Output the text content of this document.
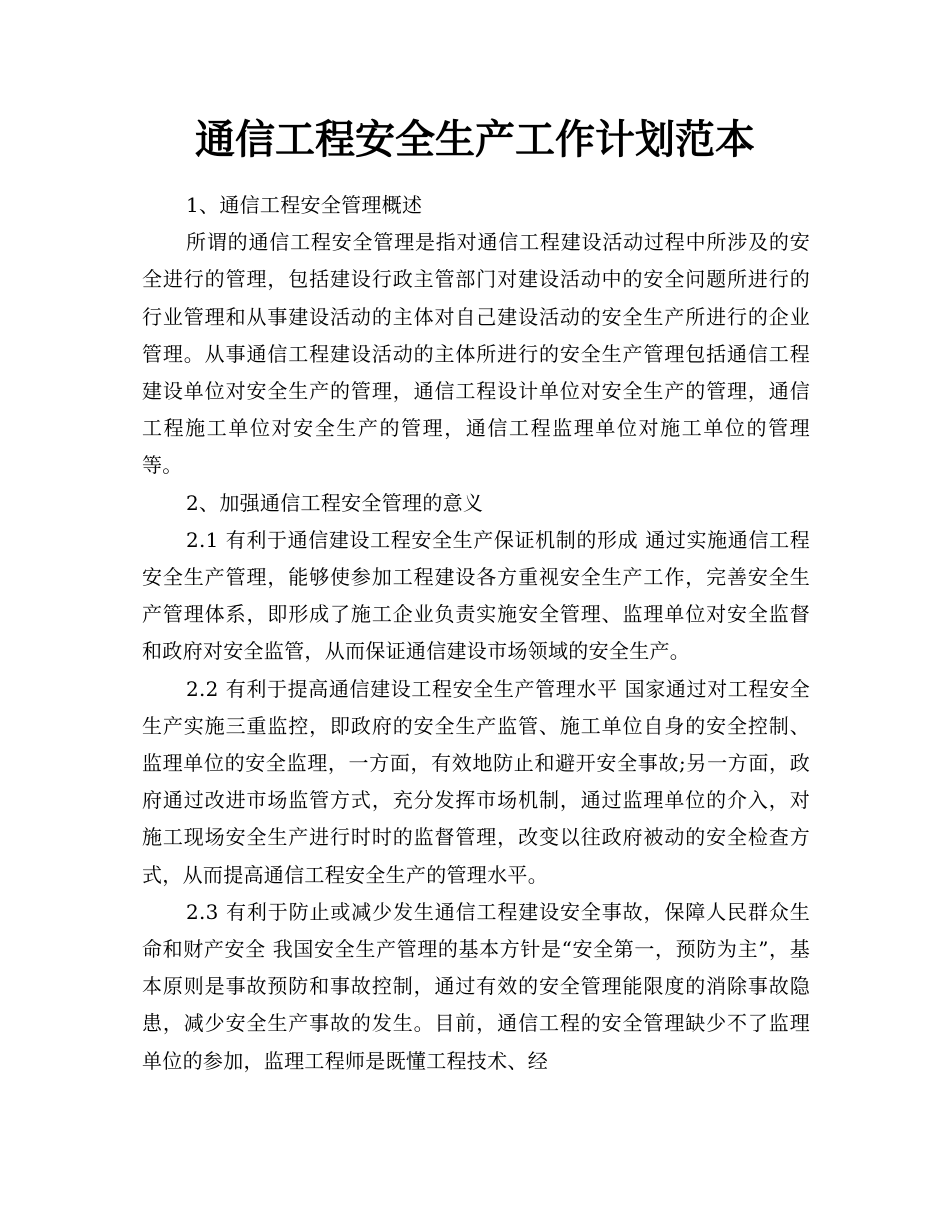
通信工程安全生产工作计划范本

1、通信工程安全管理概述

所谓的通信工程安全管理是指对通信工程建设活动过程中所涉及的安全进行的管理，包括建设行政主管部门对建设活动中的安全问题所进行的行业管理和从事建设活动的主体对自己建设活动的安全生产所进行的企业管理。从事通信工程建设活动的主体所进行的安全生产管理包括通信工程建设单位对安全生产的管理，通信工程设计单位对安全生产的管理，通信工程施工单位对安全生产的管理，通信工程监理单位对施工单位的管理等。

2、加强通信工程安全管理的意义

2.1 有利于通信建设工程安全生产保证机制的形成 通过实施通信工程安全生产管理，能够使参加工程建设各方重视安全生产工作，完善安全生产管理体系，即形成了施工企业负责实施安全管理、监理单位对安全监督和政府对安全监管，从而保证通信建设市场领域的安全生产。

2.2 有利于提高通信建设工程安全生产管理水平 国家通过对工程安全生产实施三重监控，即政府的安全生产监管、施工单位自身的安全控制、监理单位的安全监理，一方面，有效地防止和避开安全事故;另一方面，政府通过改进市场监管方式，充分发挥市场机制，通过监理单位的介入，对施工现场安全生产进行时时的监督管理，改变以往政府被动的安全检查方式，从而提高通信工程安全生产的管理水平。

2.3 有利于防止或减少发生通信工程建设安全事故，保障人民群众生命和财产安全 我国安全生产管理的基本方针是“安全第一，预防为主”，基本原则是事故预防和事故控制，通过有效的安全管理能限度的消除事故隐患，减少安全生产事故的发生。目前，通信工程的安全管理缺少不了监理单位的参加，监理工程师是既懂工程技术、经
